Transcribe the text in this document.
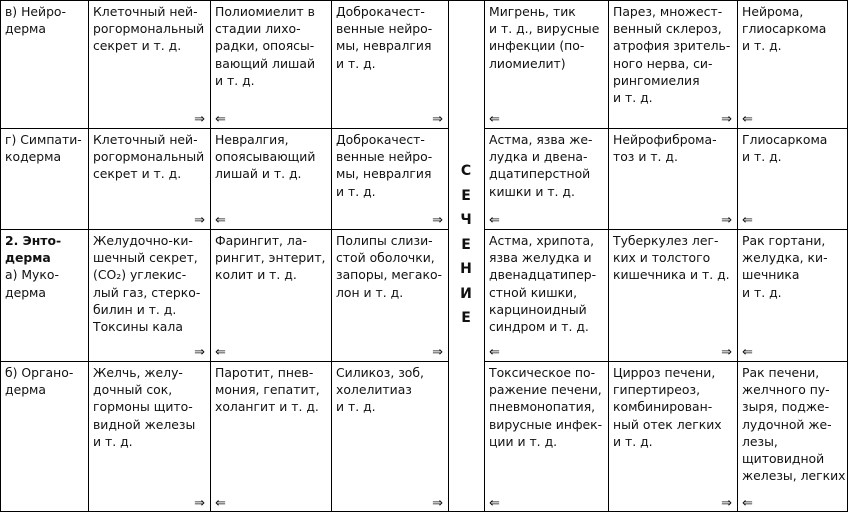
в) Нейро-
дерма
Клеточный ней-
рогормональный
секрет и т. д.
⇒
Полиомиелит в
стадии лихо-
радки, опоясы-
вающий лишай
и т. д.
⇐
Доброкачест-
венные нейро-
мы, невралгия
и т. д.
⇒
Мигрень, тик
и т. д., вирусные
инфекции (по-
лиомиелит)
⇐
Парез, множест-
венный склероз,
атрофия зритель-
ного нерва, си-
рингомиелия
и т. д.
⇒
Нейрома,
глиосаркома
и т. д.
⇐
г) Симпати-
кодерма
Клеточный ней-
рогормональный
секрет и т. д.
⇒
Невралгия,
опоясывающий
лишай и т. д.
⇐
Доброкачест-
венные нейро-
мы, невралгия
и т. д.
⇒
Астма, язва же-
лудка и двена-
дцатиперстной
кишки и т. д.
⇐
Нейрофиброма-
тоз и т. д.
⇒
Глиосаркома
и т. д.
⇐
2. Энто-
дерма
а) Муко-
дерма
Желудочно-ки-
шечный секрет,
(CO₂) углекис-
лый газ, стерко-
билин и т. д.
Токсины кала
⇒
Фарингит, ла-
рингит, энтерит,
колит и т. д.
⇐
Полипы слизи-
стой оболочки,
запоры, мегако-
лон и т. д.
⇒
Астма, хрипота,
язва желудка и
двенадцатипер-
стной кишки,
карциноидный
синдром и т. д.
⇐
Туберкулез лег-
ких и толстого
кишечника и т. д.
⇒
Рак гортани,
желудка, ки-
шечника
и т. д.
⇐
б) Органо-
дерма
Желчь, желу-
дочный сок,
гормоны щито-
видной железы
и т. д.
⇒
Паротит, пнев-
мония, гепатит,
холангит и т. д.
⇐
Силикоз, зоб,
холелитиаз
и т. д.
⇒
Токсическое по-
ражение печени,
пневмонопатия,
вирусные инфек-
ции и т. д.
⇐
Цирроз печени,
гипертиреоз,
комбинирован-
ный отек легких
и т. д.
⇒
Рак печени,
желчного пу-
зыря, подже-
лудочной же-
лезы,
щитовидной
железы, легких
⇐
С
Е
Ч
Е
Н
И
Е
